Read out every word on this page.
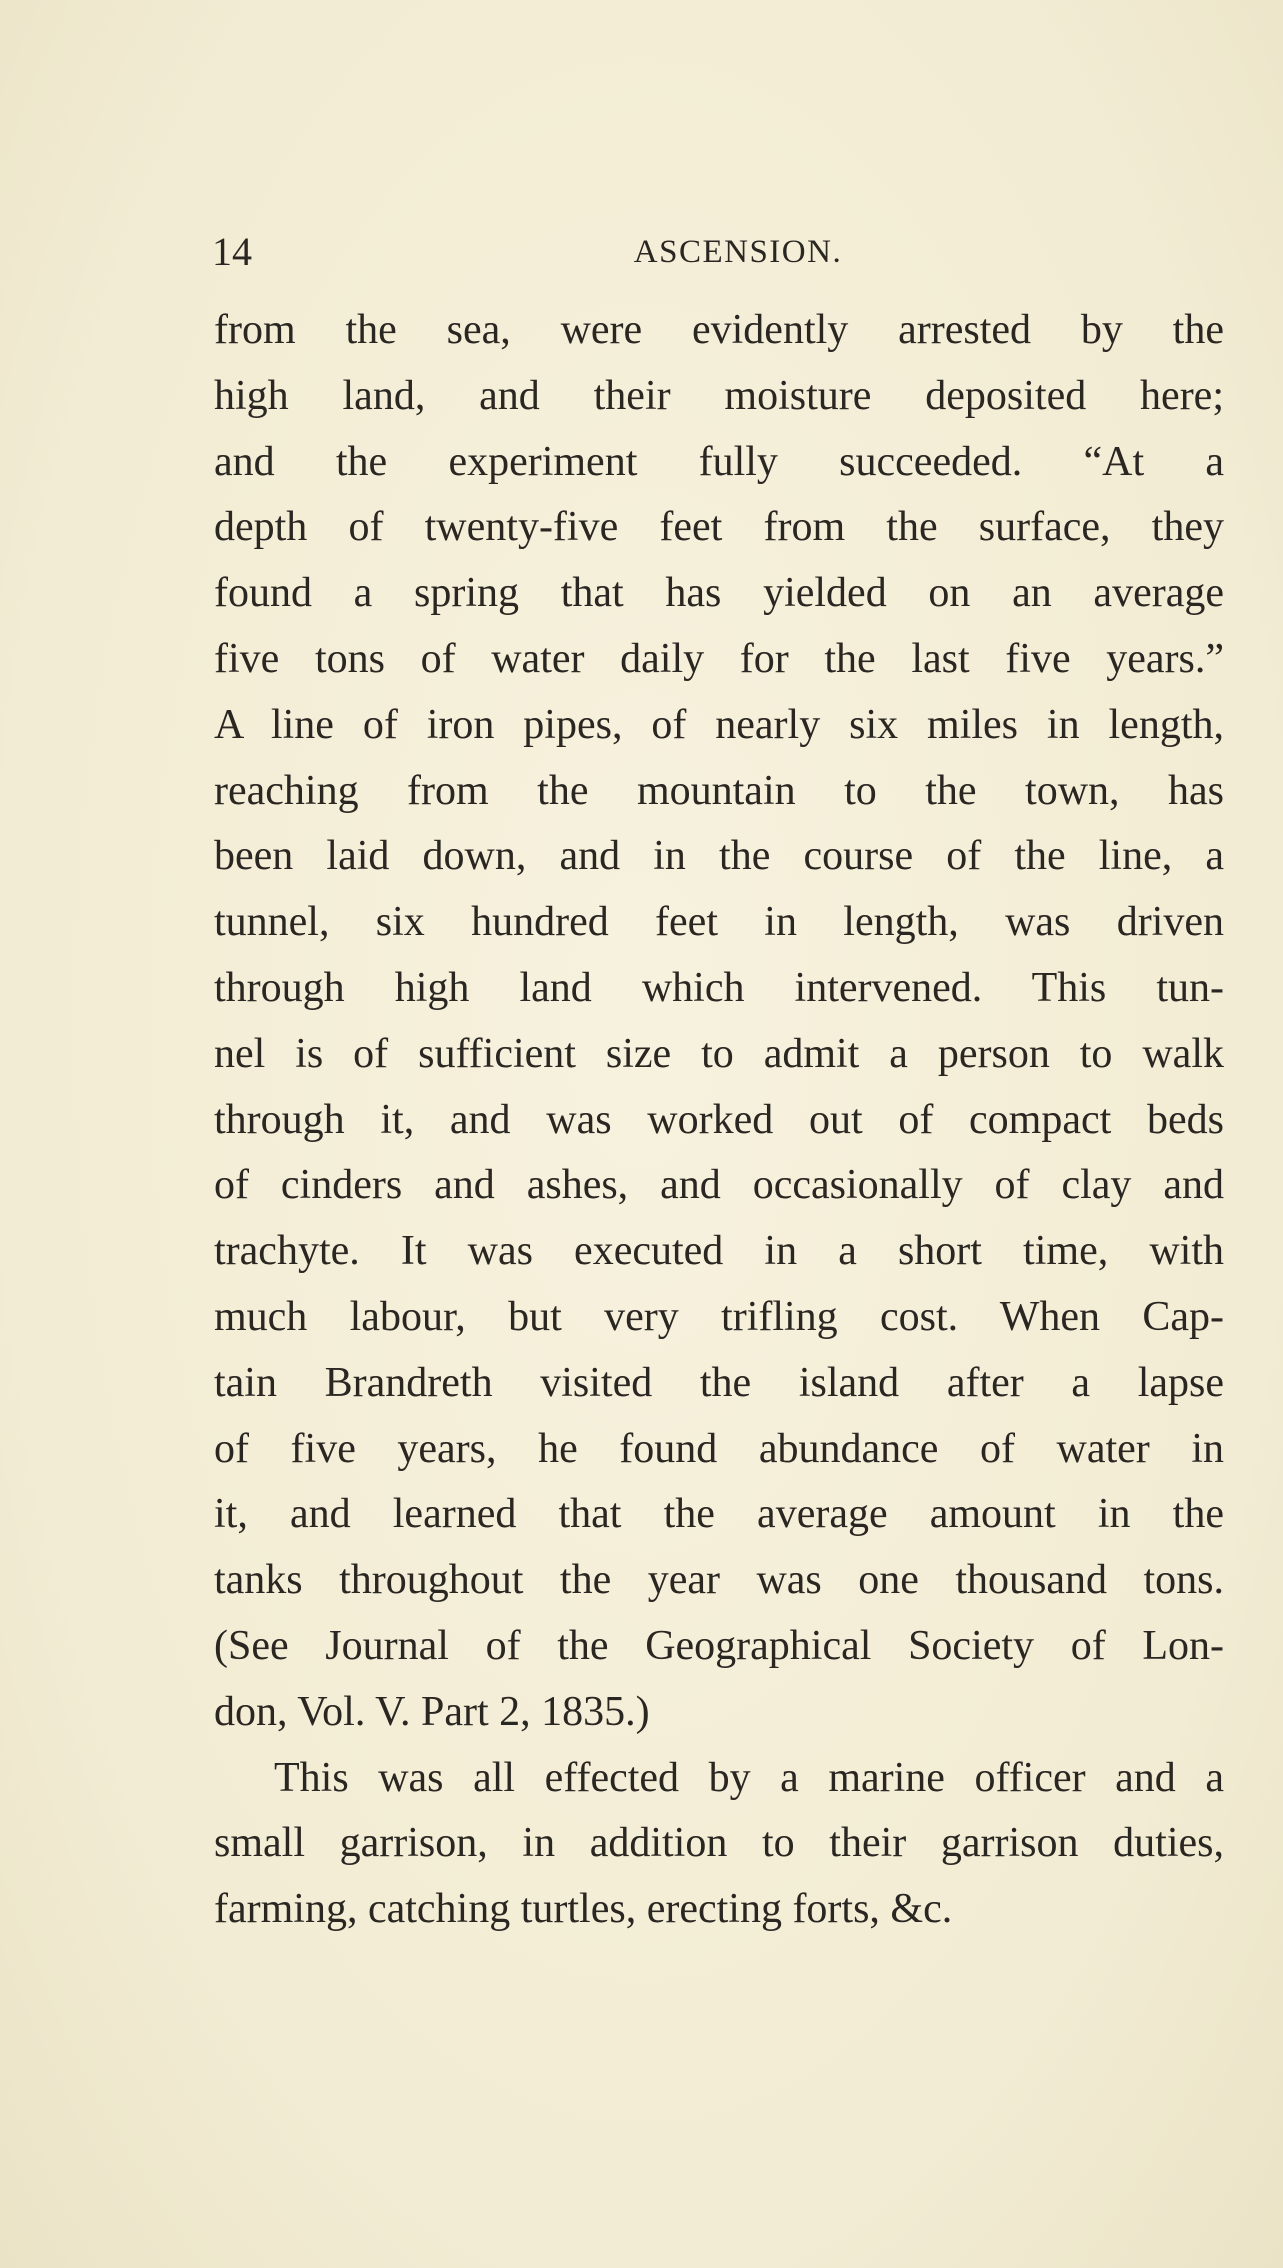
14	ASCENSION.
from the sea, were evidently arrested by the
high land, and their moisture deposited here;
and the experiment fully succeeded. “At a
depth of twenty-five feet from the surface, they
found a spring that has yielded on an average
five tons of water daily for the last five years.”
A line of iron pipes, of nearly six miles in length,
reaching from the mountain to the town, has
been laid down, and in the course of the line, a
tunnel, six hundred feet in length, was driven
through high land which intervened. This tun-
nel is of sufficient size to admit a person to walk
through it, and was worked out of compact beds
of cinders and ashes, and occasionally of clay and
trachyte. It was executed in a short time, with
much labour, but very trifling cost. When Cap-
tain Brandreth visited the island after a lapse
of five years, he found abundance of water in
it, and learned that the average amount in the
tanks throughout the year was one thousand tons.
(See Journal of the Geographical Society of Lon-
don, Vol. V. Part 2, 1835.)
This was all effected by a marine officer and a
small garrison, in addition to their garrison duties,
farming, catching turtles, erecting forts, &c.
